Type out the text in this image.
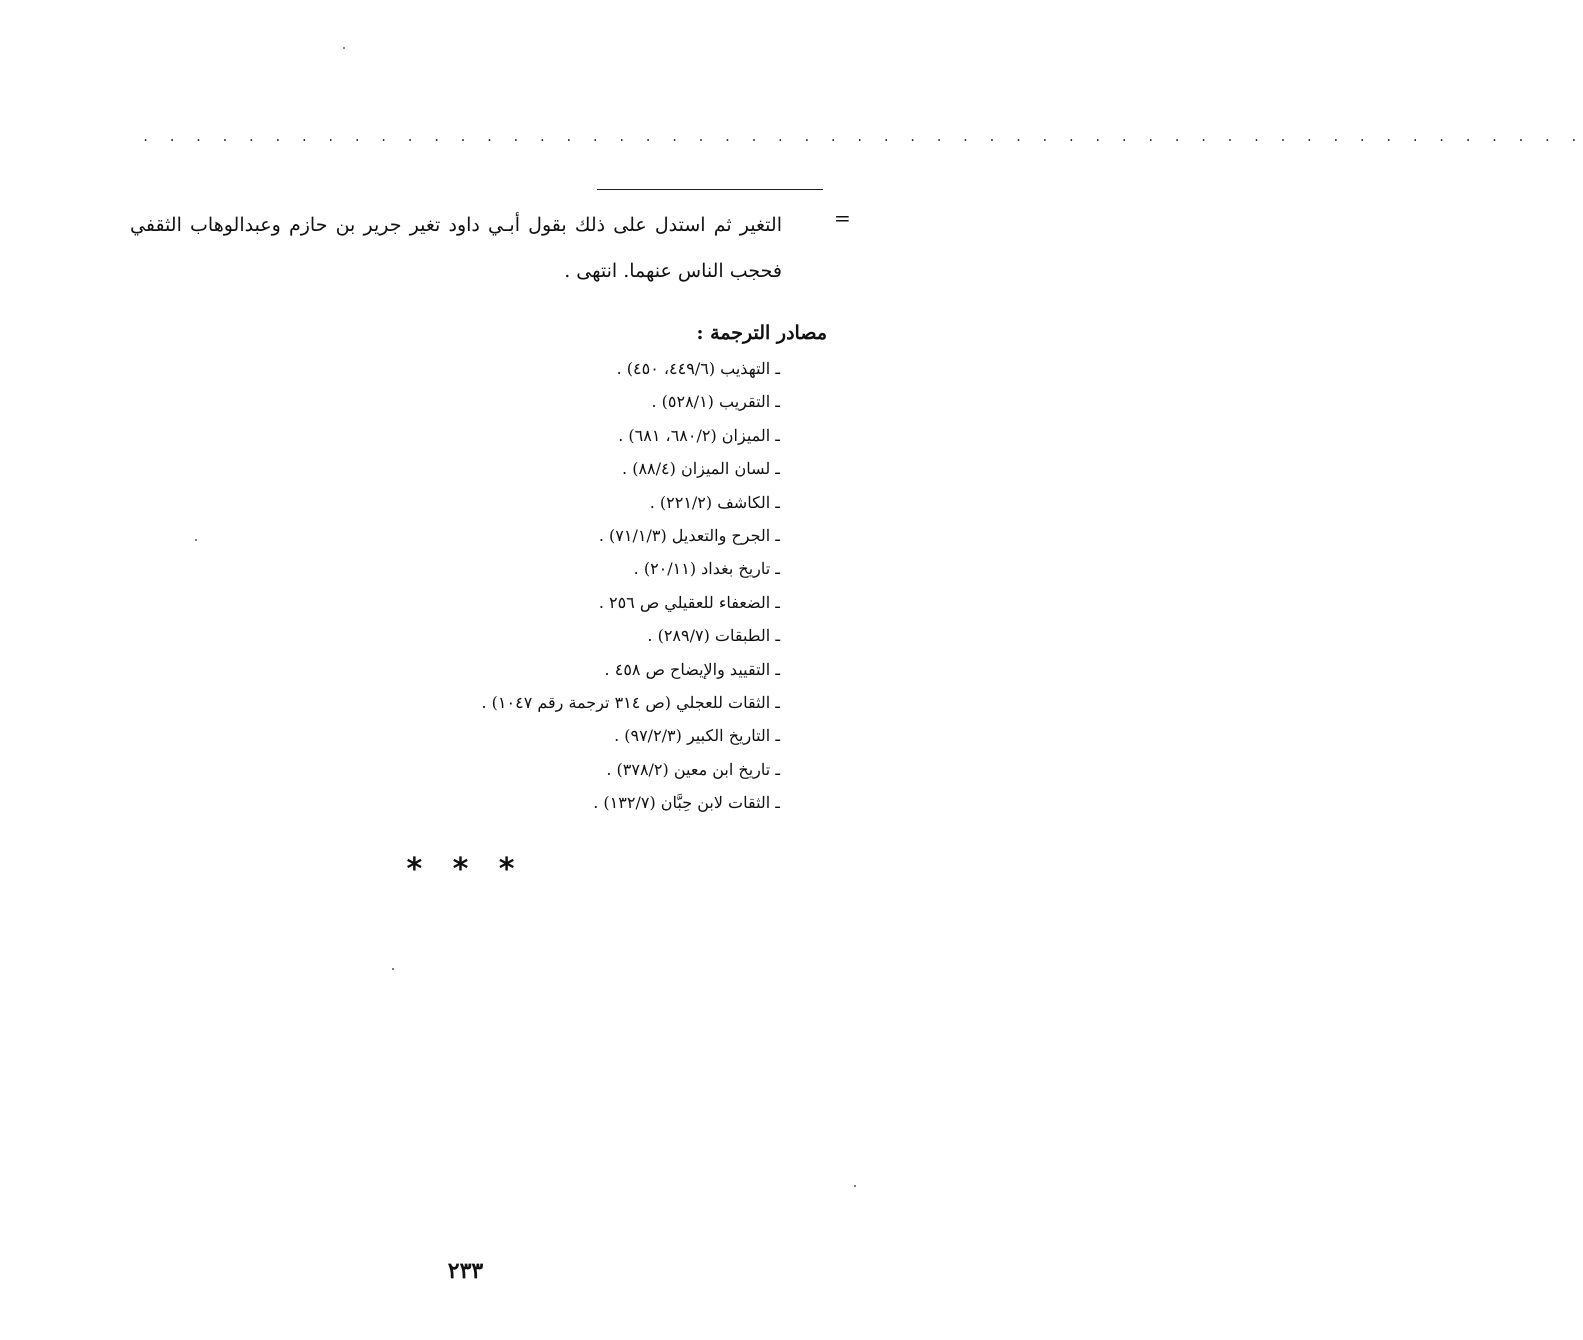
. . . . . . . . . . . . . . . . . . . . . . . . . . . . . . . . . . . . . . . . . . . . . . . . . . . . . . .
=

التغير ثم استدل على ذلك بقول أبـي داود تغير جرير بن حازم وعبدالوهاب الثقفي فحجب الناس عنهما. انتهى .

مصادر الترجمة :
ـ التهذيب (٤٤٩/٦، ٤٥٠) .
ـ التقريب (٥٢٨/١) .
ـ الميزان (٦٨٠/٢، ٦٨١) .
ـ لسان الميزان (٨٨/٤) .
ـ الكاشف (٢٢١/٢) .
ـ الجرح والتعديل (٧١/١/٣) .
ـ تاريخ بغداد (٢٠/١١) .
ـ الضعفاء للعقيلي ص ٢٥٦ .
ـ الطبقات (٢٨٩/٧) .
ـ التقييد والإيضاح ص ٤٥٨ .
ـ الثقات للعجلي (ص ٣١٤ ترجمة رقم ١٠٤٧) .
ـ التاريخ الكبير (٩٧/٢/٣) .
ـ تاريخ ابن معين (٣٧٨/٢) .
ـ الثقات لابن حِبَّان (١٣٢/٧) .
* * *
٢٣٣
